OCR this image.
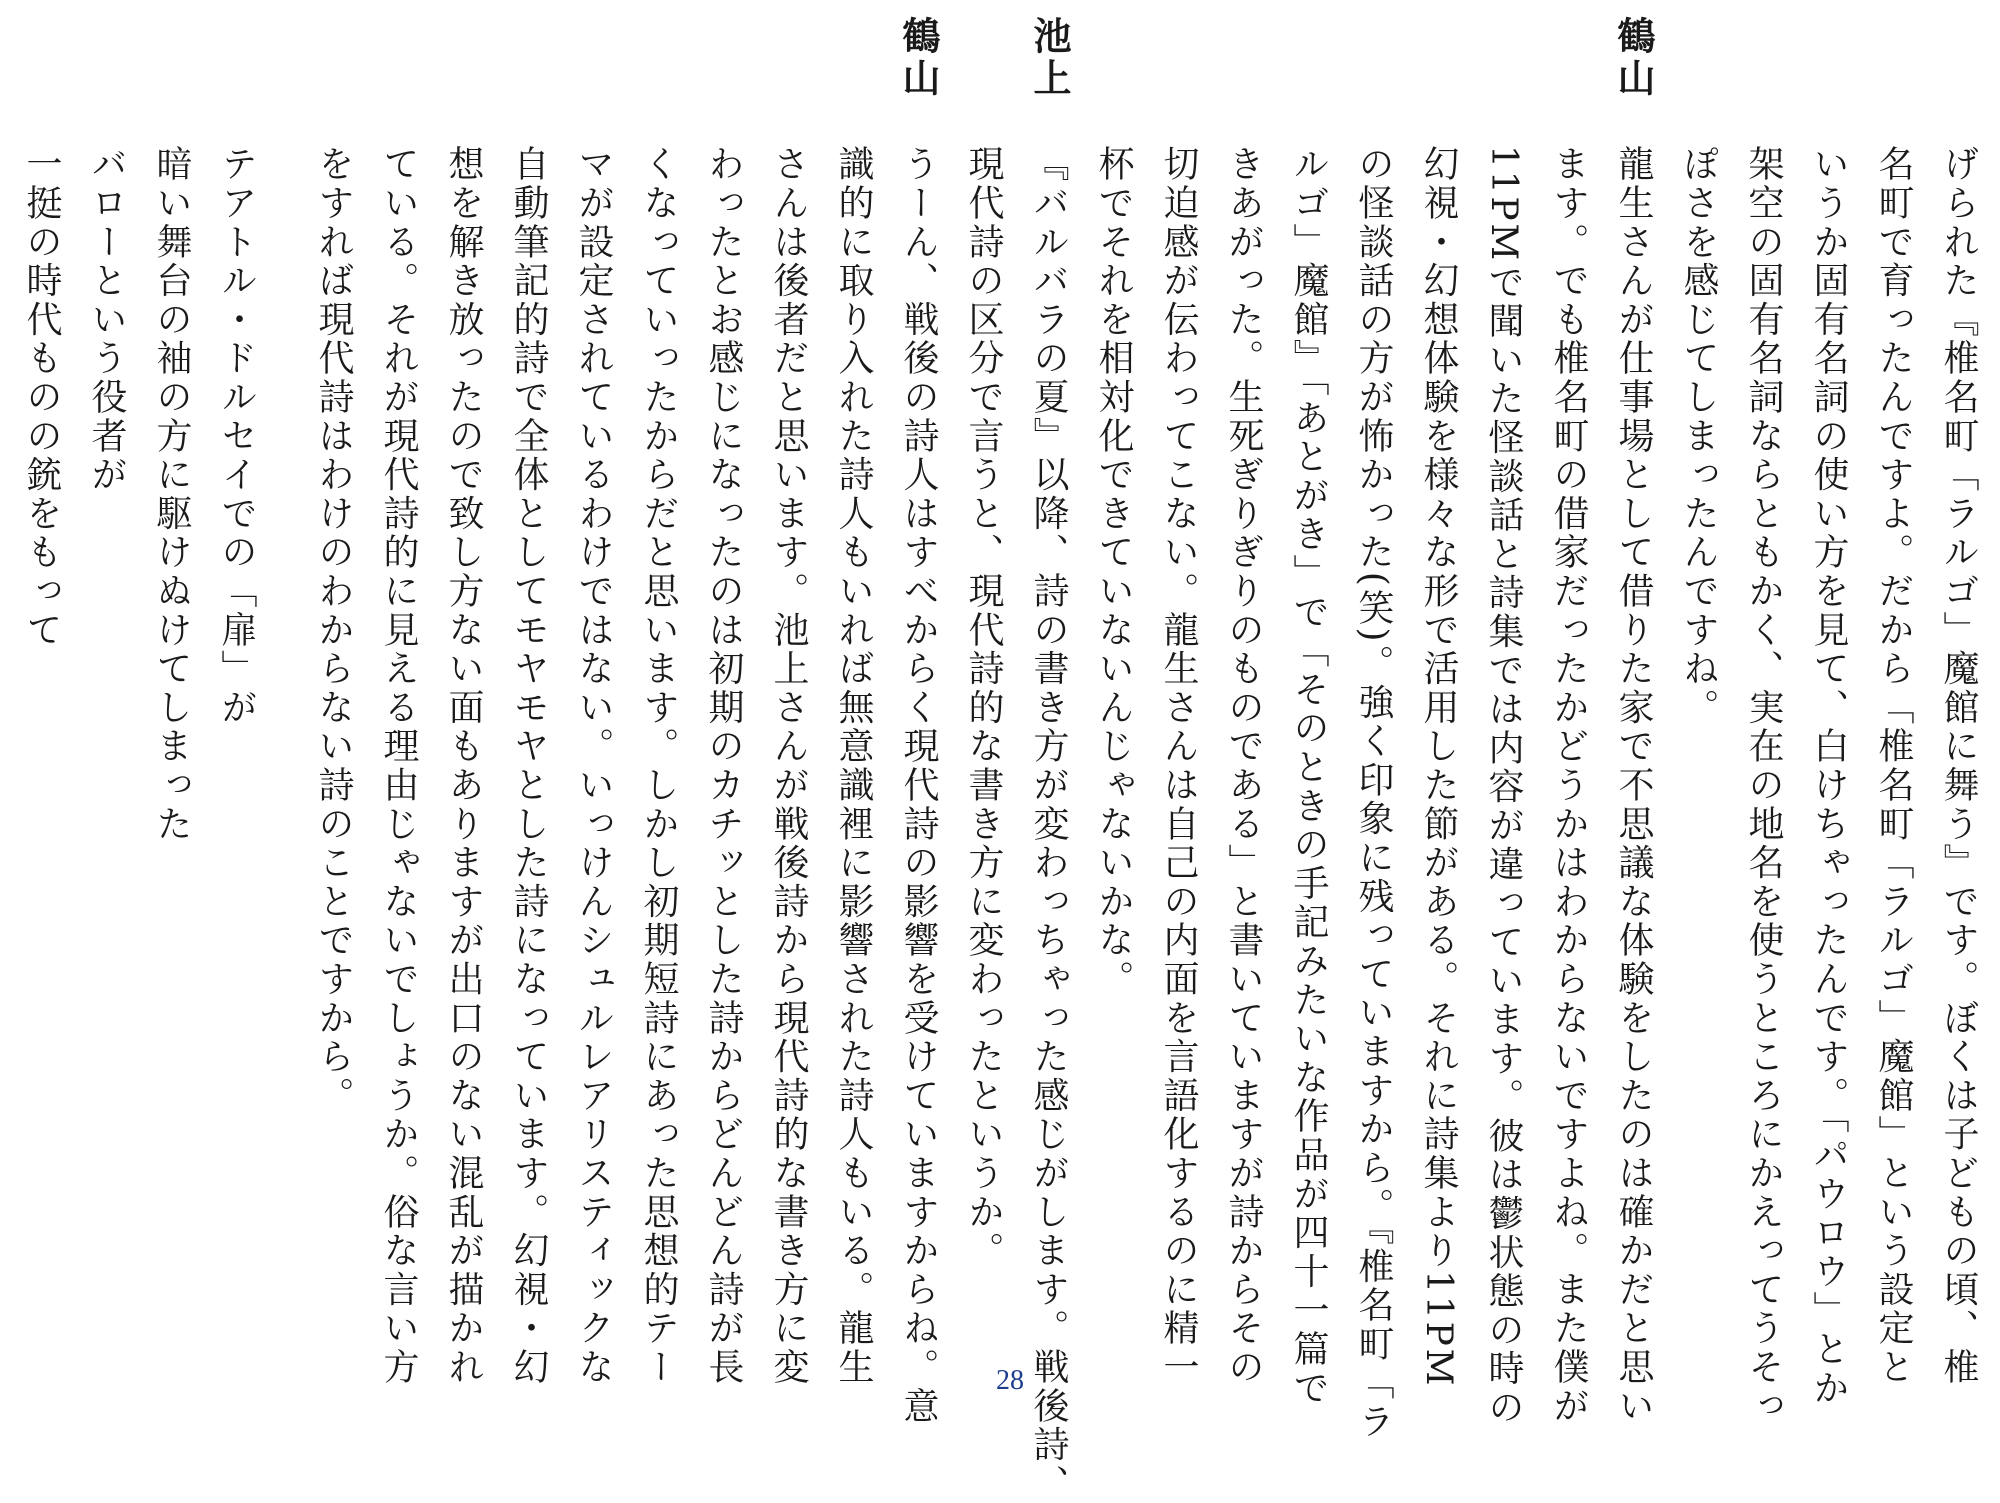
鶴山
池上
鶴山
げられた『椎名町「ラルゴ」魔館に舞う』です。ぼくは子どもの頃、椎
名町で育ったんですよ。だから「椎名町「ラルゴ」魔館」という設定と
いうか固有名詞の使い方を見て、白けちゃったんです。「パウロウ」とか
架空の固有名詞ならともかく、実在の地名を使うところにかえってうそっ
ぽさを感じてしまったんですね。
龍生さんが仕事場として借りた家で不思議な体験をしたのは確かだと思い
ます。でも椎名町の借家だったかどうかはわからないですよね。また僕が
11PMで聞いた怪談話と詩集では内容が違っています。彼は鬱状態の時の
幻視・幻想体験を様々な形で活用した節がある。それに詩集より11PM
の怪談話の方が怖かった(笑)。強く印象に残っていますから。『椎名町「ラ
ルゴ」魔館』「あとがき」で「そのときの手記みたいな作品が四十一篇で
きあがった。生死ぎりぎりのものである」と書いていますが詩からその
切迫感が伝わってこない。龍生さんは自己の内面を言語化するのに精一
杯でそれを相対化できていないんじゃないかな。
『バルバラの夏』以降、詩の書き方が変わっちゃった感じがします。戦後詩、
現代詩の区分で言うと、現代詩的な書き方に変わったというか。
うーん、戦後の詩人はすべからく現代詩の影響を受けていますからね。意
識的に取り入れた詩人もいれば無意識裡に影響された詩人もいる。龍生
さんは後者だと思います。池上さんが戦後詩から現代詩的な書き方に変
わったとお感じになったのは初期のカチッとした詩からどんどん詩が長
くなっていったからだと思います。しかし初期短詩にあった思想的テー
マが設定されているわけではない。いっけんシュルレアリスティックな
自動筆記的詩で全体としてモヤモヤとした詩になっています。幻視・幻
想を解き放ったので致し方ない面もありますが出口のない混乱が描かれ
ている。それが現代詩的に見える理由じゃないでしょうか。俗な言い方
をすれば現代詩はわけのわからない詩のことですから。
テアトル・ドルセイでの「扉」が
暗い舞台の袖の方に駆けぬけてしまった
バローという役者が
一挺の時代ものの銃をもって
28
